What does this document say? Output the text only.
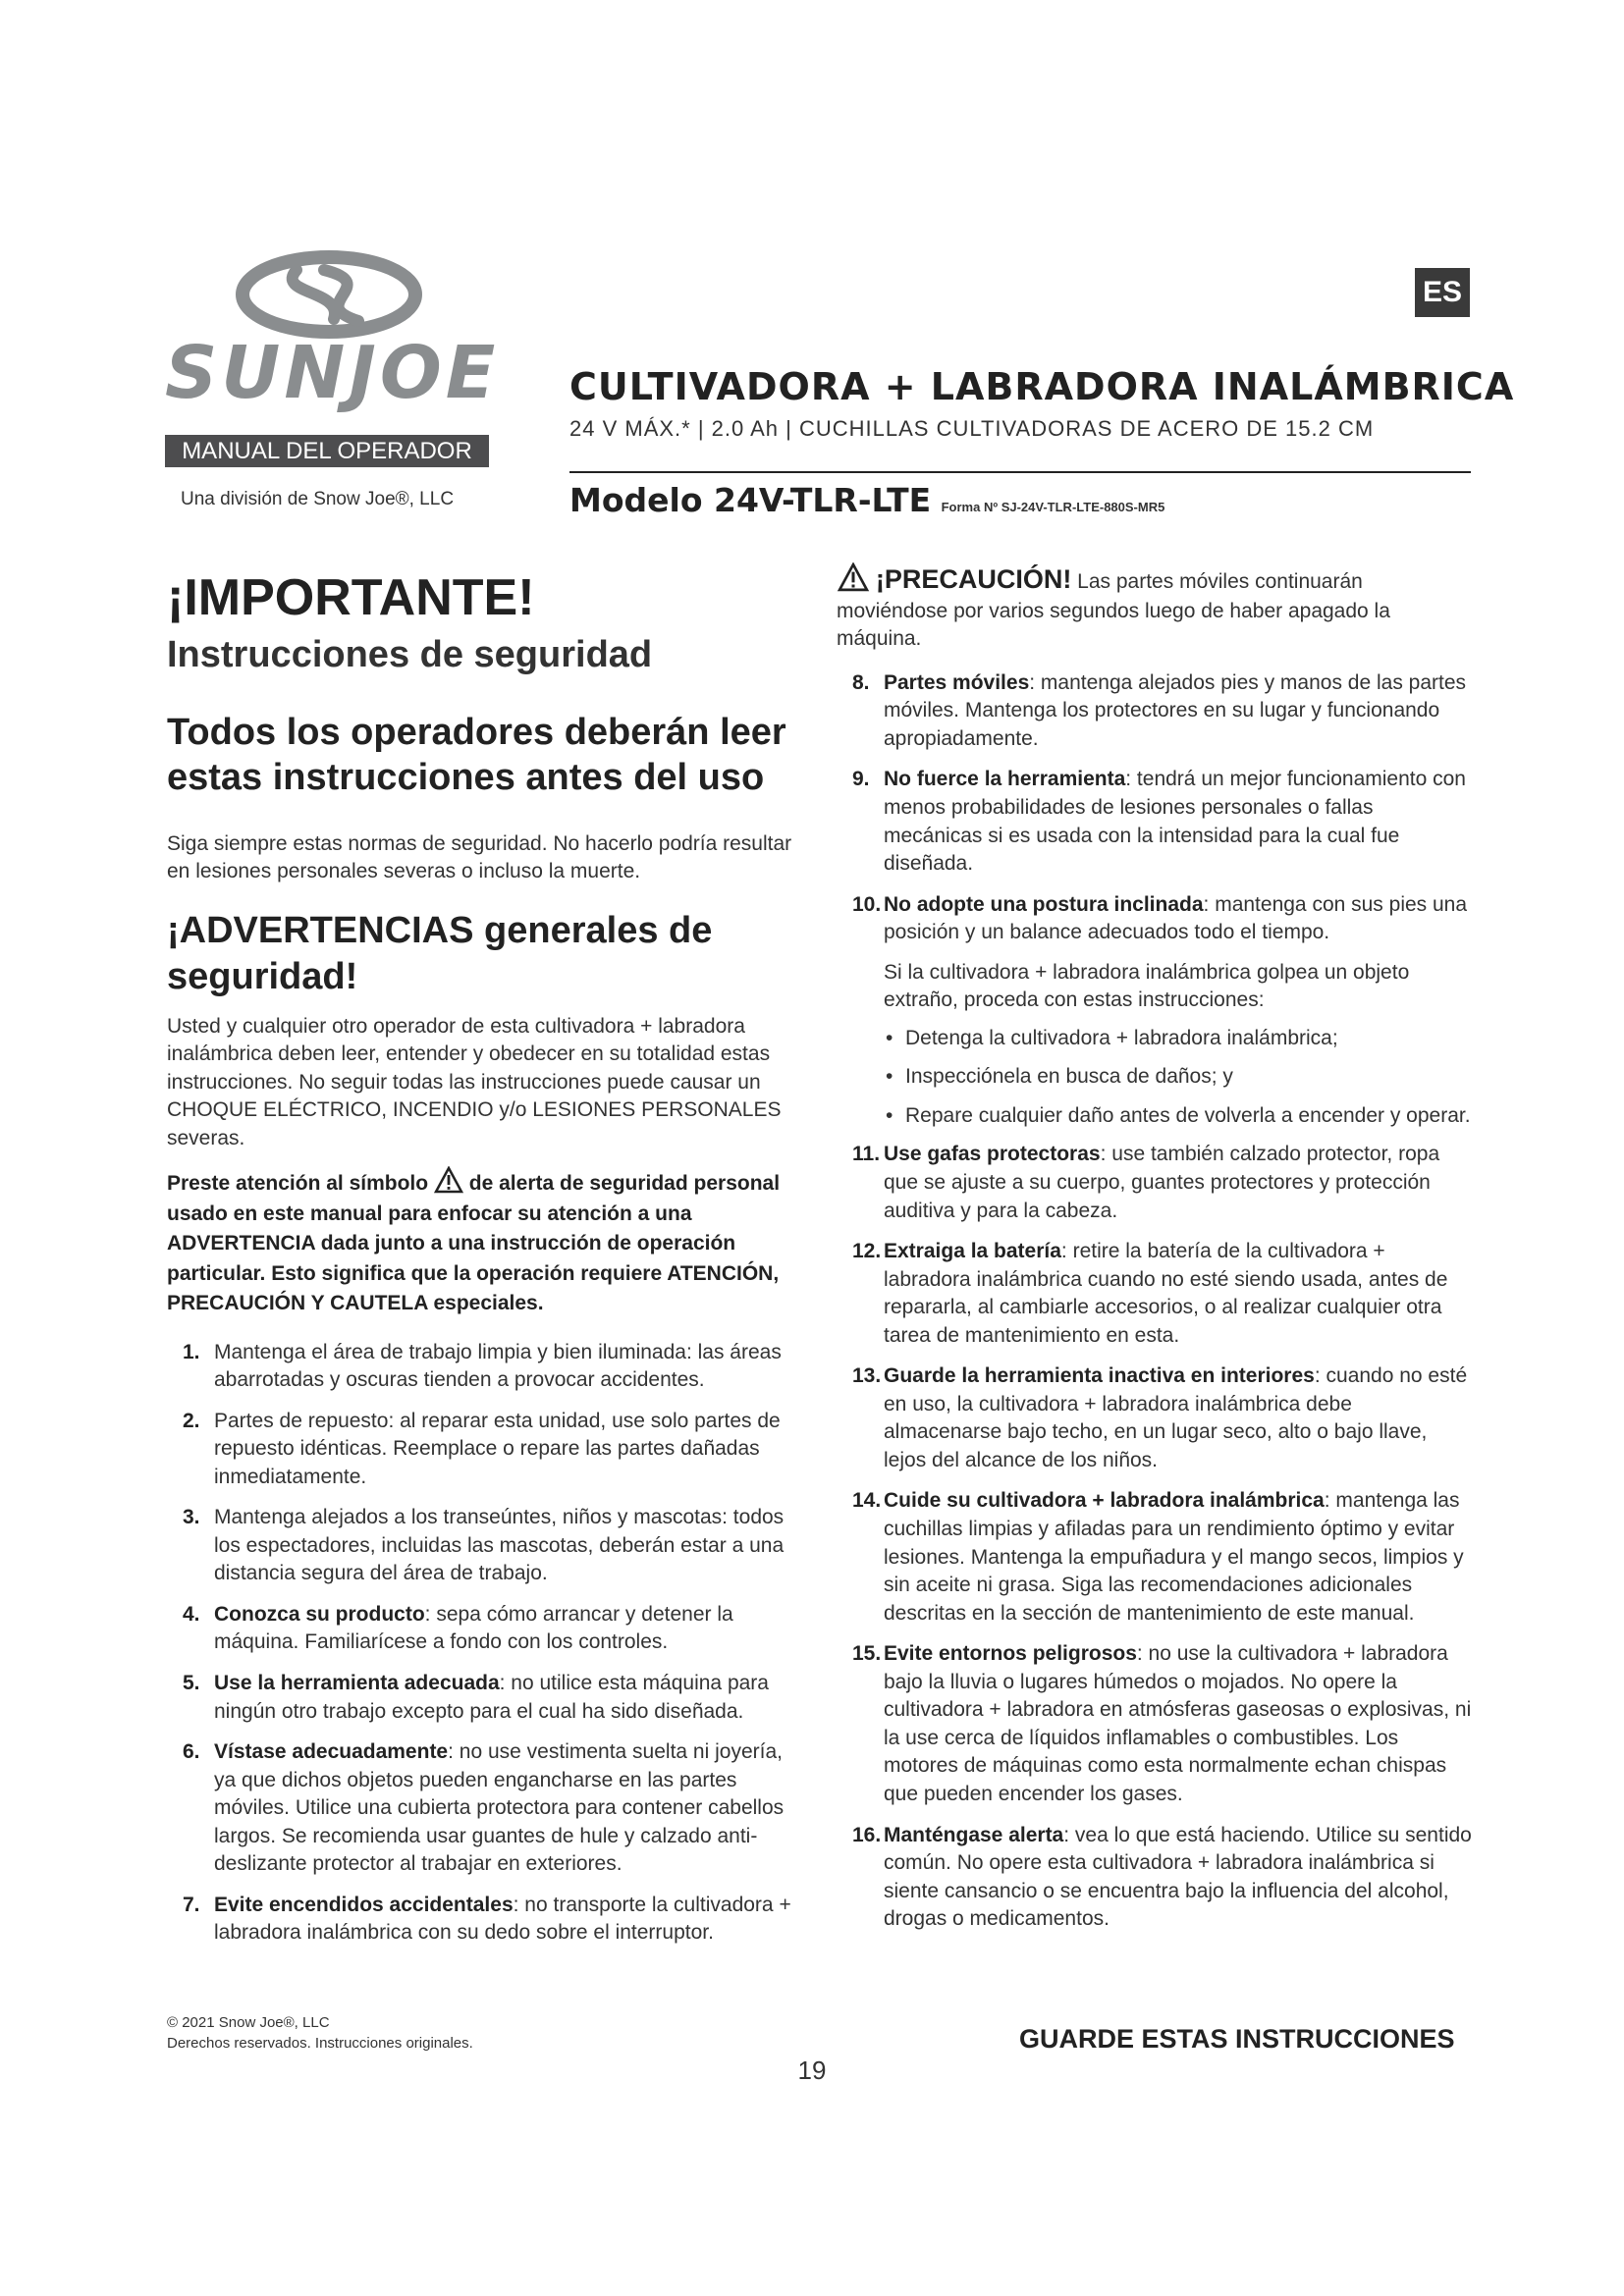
SUNJOE
MANUAL DEL OPERADOR
Una división de Snow Joe®, LLC
ES
CULTIVADORA + LABRADORA INALÁMBRICA
24 V MÁX.* | 2.0 Ah | CUCHILLAS CULTIVADORAS DE ACERO DE 15.2 CM
Modelo 24V-TLR-LTE Forma Nº SJ-24V-TLR-LTE-880S-MR5
¡IMPORTANTE!
Instrucciones de seguridad
Todos los operadores deberán leer estas instrucciones antes del uso

Siga siempre estas normas de seguridad. No hacerlo podría resultar en lesiones personales severas o incluso la muerte.

¡ADVERTENCIAS generales de seguridad!

Usted y cualquier otro operador de esta cultivadora + labradora inalámbrica deben leer, entender y obedecer en su totalidad estas instrucciones. No seguir todas las instrucciones puede causar un CHOQUE ELÉCTRICO, INCENDIO y/o LESIONES PERSONALES severas.

Preste atención al símbolo de alerta de seguridad personal usado en este manual para enfocar su atención a una ADVERTENCIA dada junto a una instrucción de operación particular. Esto significa que la operación requiere ATENCIÓN, PRECAUCIÓN Y CAUTELA especiales.
1. Mantenga el área de trabajo limpia y bien iluminada: las áreas abarrotadas y oscuras tienden a provocar accidentes.
2. Partes de repuesto: al reparar esta unidad, use solo partes de repuesto idénticas. Reemplace o repare las partes dañadas inmediatamente.
3. Mantenga alejados a los transeúntes, niños y mascotas: todos los espectadores, incluidas las mascotas, deberán estar a una distancia segura del área de trabajo.
4. Conozca su producto: sepa cómo arrancar y detener la máquina. Familiarícese a fondo con los controles.
5. Use la herramienta adecuada: no utilice esta máquina para ningún otro trabajo excepto para el cual ha sido diseñada.
6. Vístase adecuadamente: no use vestimenta suelta ni joyería, ya que dichos objetos pueden engancharse en las partes móviles. Utilice una cubierta protectora para contener cabellos largos. Se recomienda usar guantes de hule y calzado anti-deslizante protector al trabajar en exteriores.
7. Evite encendidos accidentales: no transporte la cultivadora + labradora inalámbrica con su dedo sobre el interruptor.

¡PRECAUCIÓN! Las partes móviles continuarán moviéndose por varios segundos luego de haber apagado la máquina.

8. Partes móviles: mantenga alejados pies y manos de las partes móviles. Mantenga los protectores en su lugar y funcionando apropiadamente.
9. No fuerce la herramienta: tendrá un mejor funcionamiento con menos probabilidades de lesiones personales o fallas mecánicas si es usada con la intensidad para la cual fue diseñada.
10. No adopte una postura inclinada: mantenga con sus pies una posición y un balance adecuados todo el tiempo.

Si la cultivadora + labradora inalámbrica golpea un objeto extraño, proceda con estas instrucciones:

• Detenga la cultivadora + labradora inalámbrica;
• Inspecciónela en busca de daños; y
• Repare cualquier daño antes de volverla a encender y operar.
11. Use gafas protectoras: use también calzado protector, ropa que se ajuste a su cuerpo, guantes protectores y protección auditiva y para la cabeza.
12. Extraiga la batería: retire la batería de la cultivadora + labradora inalámbrica cuando no esté siendo usada, antes de repararla, al cambiarle accesorios, o al realizar cualquier otra tarea de mantenimiento en esta.
13. Guarde la herramienta inactiva en interiores: cuando no esté en uso, la cultivadora + labradora inalámbrica debe almacenarse bajo techo, en un lugar seco, alto o bajo llave, lejos del alcance de los niños.
14. Cuide su cultivadora + labradora inalámbrica: mantenga las cuchillas limpias y afiladas para un rendimiento óptimo y evitar lesiones. Mantenga la empuñadura y el mango secos, limpios y sin aceite ni grasa. Siga las recomendaciones adicionales descritas en la sección de mantenimiento de este manual.
15. Evite entornos peligrosos: no use la cultivadora + labradora bajo la lluvia o lugares húmedos o mojados. No opere la cultivadora + labradora en atmósferas gaseosas o explosivas, ni la use cerca de líquidos inflamables o combustibles. Los motores de máquinas como esta normalmente echan chispas que pueden encender los gases.
16. Manténgase alerta: vea lo que está haciendo. Utilice su sentido común. No opere esta cultivadora + labradora inalámbrica si siente cansancio o se encuentra bajo la influencia del alcohol, drogas o medicamentos.
© 2021 Snow Joe®, LLC
Derechos reservados. Instrucciones originales.	GUARDE ESTAS INSTRUCCIONES
19
